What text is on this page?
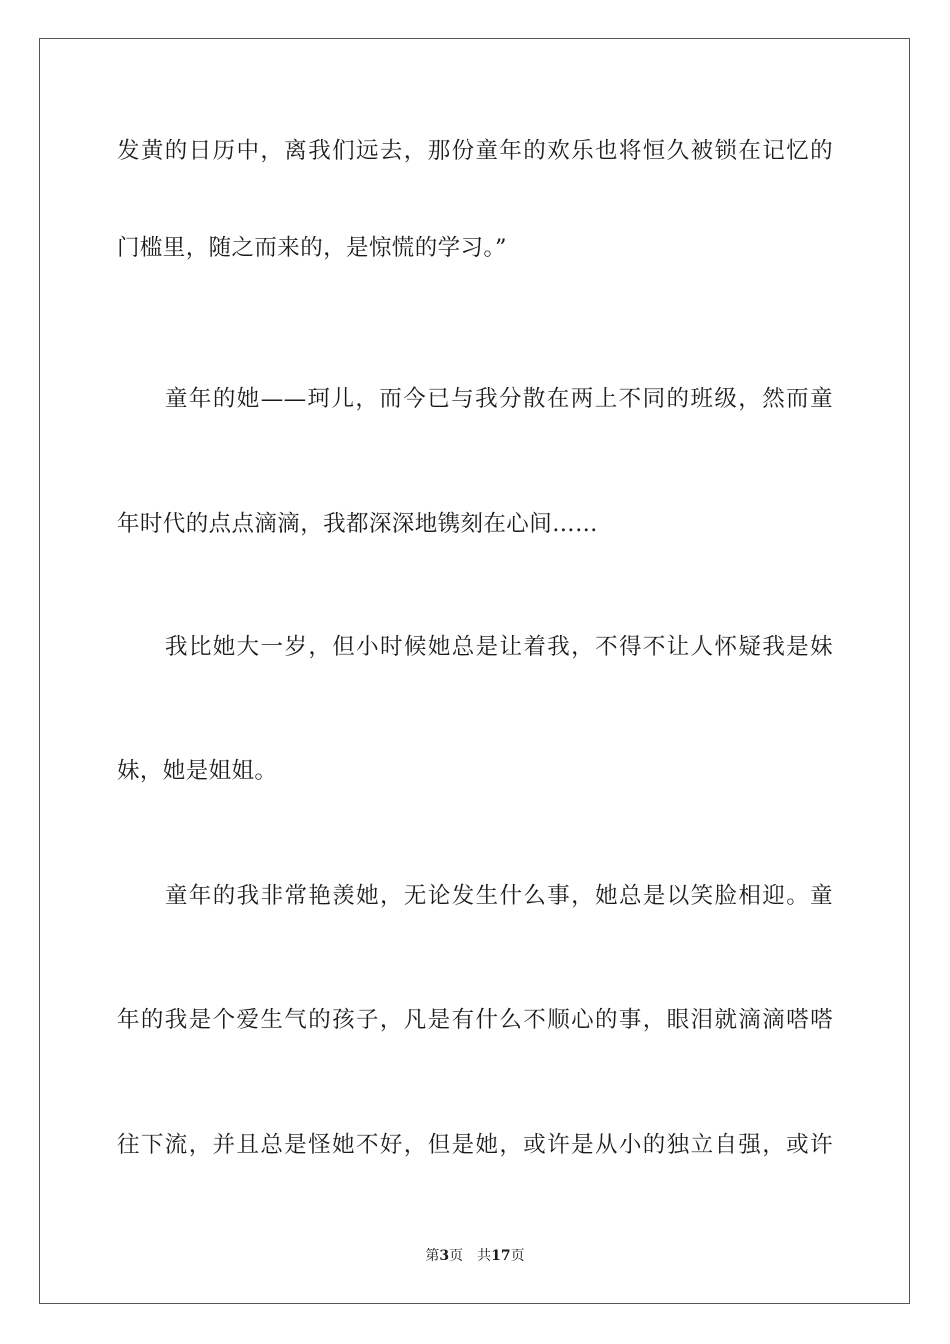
发黄的日历中，离我们远去，那份童年的欢乐也将恒久被锁在记忆的
门槛里，随之而来的，是惊慌的学习。”
童年的她——珂儿，而今已与我分散在两上不同的班级，然而童
年时代的点点滴滴，我都深深地镌刻在心间……
我比她大一岁，但小时候她总是让着我，不得不让人怀疑我是妹
妹，她是姐姐。
童年的我非常艳羡她，无论发生什么事，她总是以笑脸相迎。童
年的我是个爱生气的孩子，凡是有什么不顺心的事，眼泪就滴滴嗒嗒
往下流，并且总是怪她不好，但是她，或许是从小的独立自强，或许
第3页 共17页
